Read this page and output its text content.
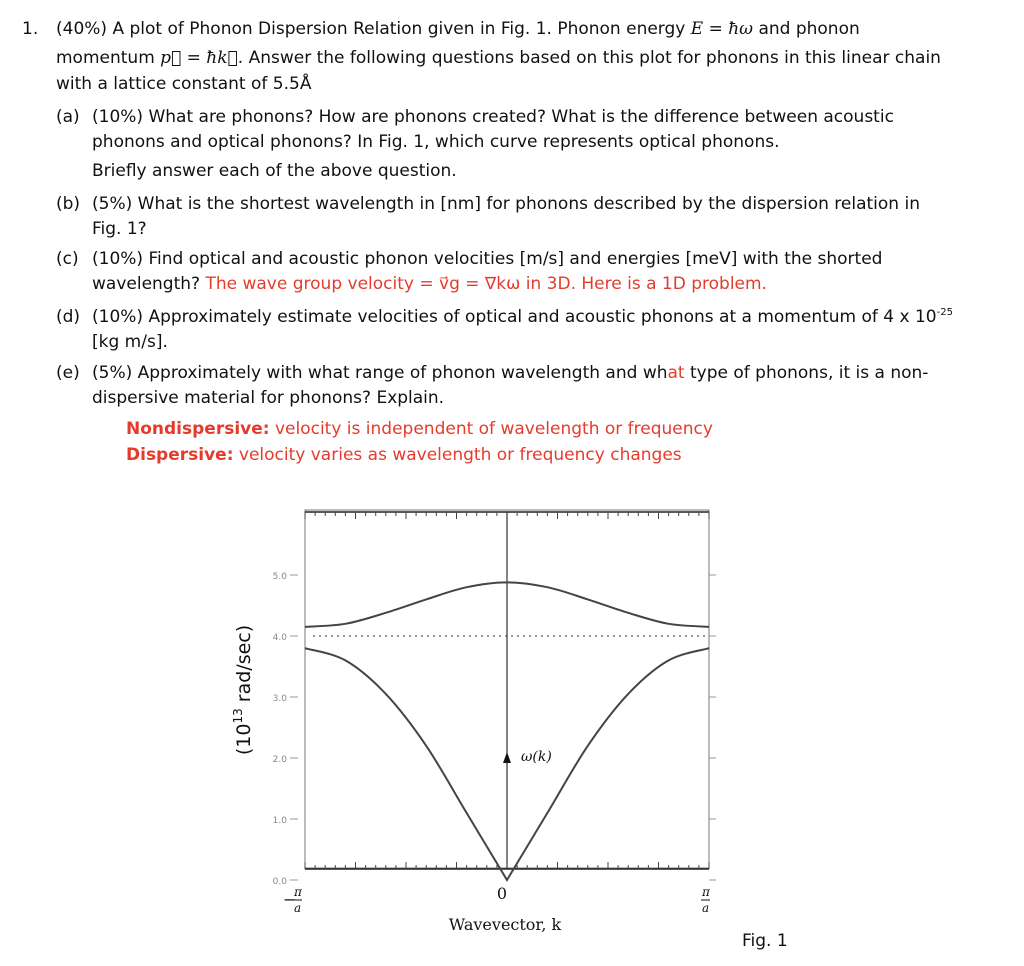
1. (40%) A plot of Phonon Dispersion Relation given in Fig. 1. Phonon energy E = ħω and phonon
momentum p⃗ = ħk⃗. Answer the following questions based on this plot for phonons in this linear chain
with a lattice constant of 5.5Å
(a) (10%) What are phonons? How are phonons created? What is the difference between acoustic
phonons and optical phonons? In Fig. 1, which curve represents optical phonons.
Briefly answer each of the above question.
(b) (5%) What is the shortest wavelength in [nm] for phonons described by the dispersion relation in
Fig. 1?
(c) (10%) Find optical and acoustic phonon velocities [m/s] and energies [meV] with the shorted
wavelength? The wave group velocity = v⃗g = ∇kω in 3D. Here is a 1D problem.
(d) (10%) Approximately estimate velocities of optical and acoustic phonons at a momentum of 4 x $10^{-25}$
[kg m/s].
(e) (5%) Approximately with what range of phonon wavelength and what type of phonons, it is a non-
dispersive material for phonons? Explain.
Nondispersive: velocity is independent of wavelength or frequency
Dispersive: velocity varies as wavelength or frequency changes
($10^{13}$ rad/sec)
5.0
4.0
3.0
2.0
1.0
0.0
ω(k)
−
π
a
0	π
a
Wavevector, k
Fig. 1
